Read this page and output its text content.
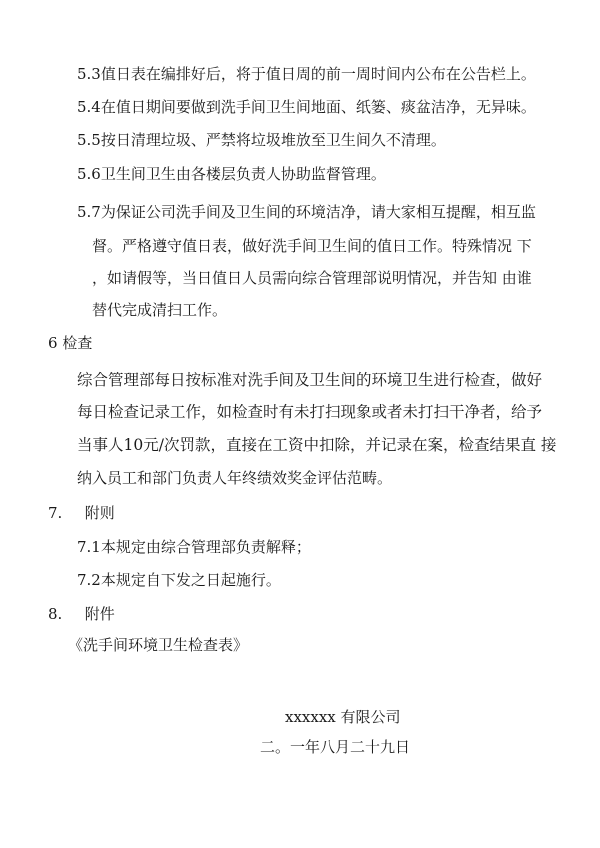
5.3值日表在编排好后，将于值日周的前一周时间内公布在公告栏上。
5.4在值日期间要做到洗手间卫生间地面、纸篓、痰盆洁净，无异味。
5.5按日清理垃圾、严禁将垃圾堆放至卫生间久不清理。
5.6卫生间卫生由各楼层负责人协助监督管理。
5.7为保证公司洗手间及卫生间的环境洁净，请大家相互提醒，相互监
督。严格遵守值日表，做好洗手间卫生间的值日工作。特殊情况 下
，如请假等，当日值日人员需向综合管理部说明情况，并告知 由谁
替代完成清扫工作。
6 检查
综合管理部每日按标准对洗手间及卫生间的环境卫生进行检查，做好
每日检查记录工作，如检查时有未打扫现象或者未打扫干净者，给予
当事人10元/次罚款，直接在工资中扣除，并记录在案，检查结果直 接
纳入员工和部门负责人年终绩效奖金评估范畴。
7. 附则
7.1本规定由综合管理部负责解释；
7.2本规定自下发之日起施行。
8. 附件
《洗手间环境卫生检查表》
xxxxxx 有限公司
二。一年八月二十九日
